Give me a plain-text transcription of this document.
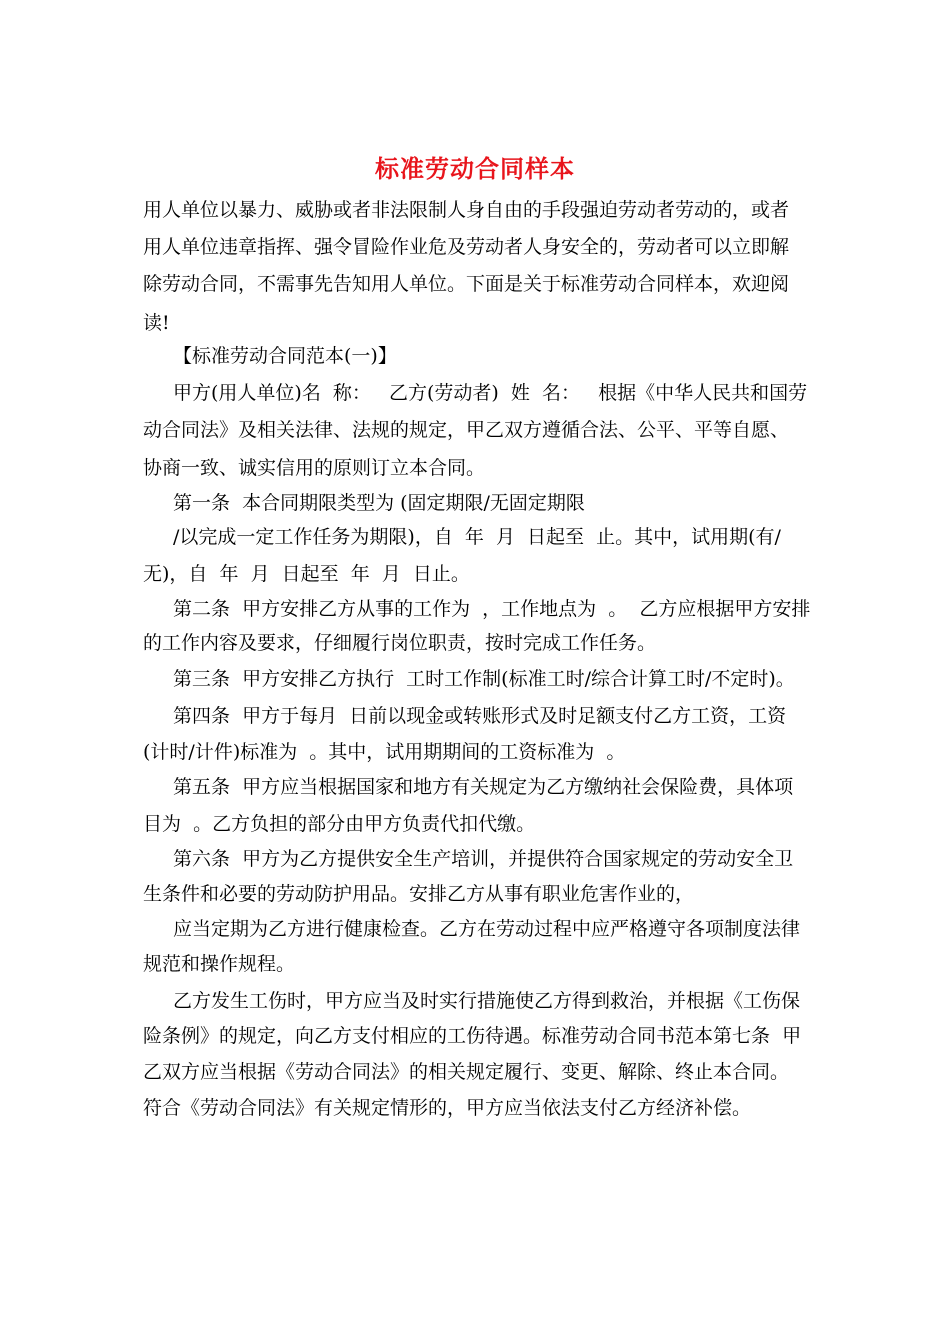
标准劳动合同样本
用人单位以暴力、威胁或者非法限制人身自由的手段强迫劳动者劳动的，或者
用人单位违章指挥、强令冒险作业危及劳动者人身安全的，劳动者可以立即解
除劳动合同，不需事先告知用人单位。下面是关于标准劳动合同样本，欢迎阅
读!
【标准劳动合同范本(一)】
甲方(用人单位)名  称：   乙方(劳动者)  姓  名：   根据《中华人民共和国劳
动合同法》及相关法律、法规的规定，甲乙双方遵循合法、公平、平等自愿、
协商一致、诚实信用的原则订立本合同。
第一条  本合同期限类型为 (固定期限/无固定期限
/以完成一定工作任务为期限)，自  年  月  日起至  止。其中，试用期(有/
无)，自  年  月  日起至  年  月  日止。
第二条  甲方安排乙方从事的工作为  ，工作地点为  。  乙方应根据甲方安排
的工作内容及要求，仔细履行岗位职责，按时完成工作任务。
第三条  甲方安排乙方执行  工时工作制(标准工时/综合计算工时/不定时)。
第四条  甲方于每月  日前以现金或转账形式及时足额支付乙方工资，工资
(计时/计件)标准为  。其中，试用期期间的工资标准为  。
第五条  甲方应当根据国家和地方有关规定为乙方缴纳社会保险费，具体项
目为  。乙方负担的部分由甲方负责代扣代缴。
第六条  甲方为乙方提供安全生产培训，并提供符合国家规定的劳动安全卫
生条件和必要的劳动防护用品。安排乙方从事有职业危害作业的，
应当定期为乙方进行健康检查。乙方在劳动过程中应严格遵守各项制度法律
规范和操作规程。
乙方发生工伤时，甲方应当及时实行措施使乙方得到救治，并根据《工伤保
险条例》的规定，向乙方支付相应的工伤待遇。标准劳动合同书范本第七条  甲
乙双方应当根据《劳动合同法》的相关规定履行、变更、解除、终止本合同。
符合《劳动合同法》有关规定情形的，甲方应当依法支付乙方经济补偿。
